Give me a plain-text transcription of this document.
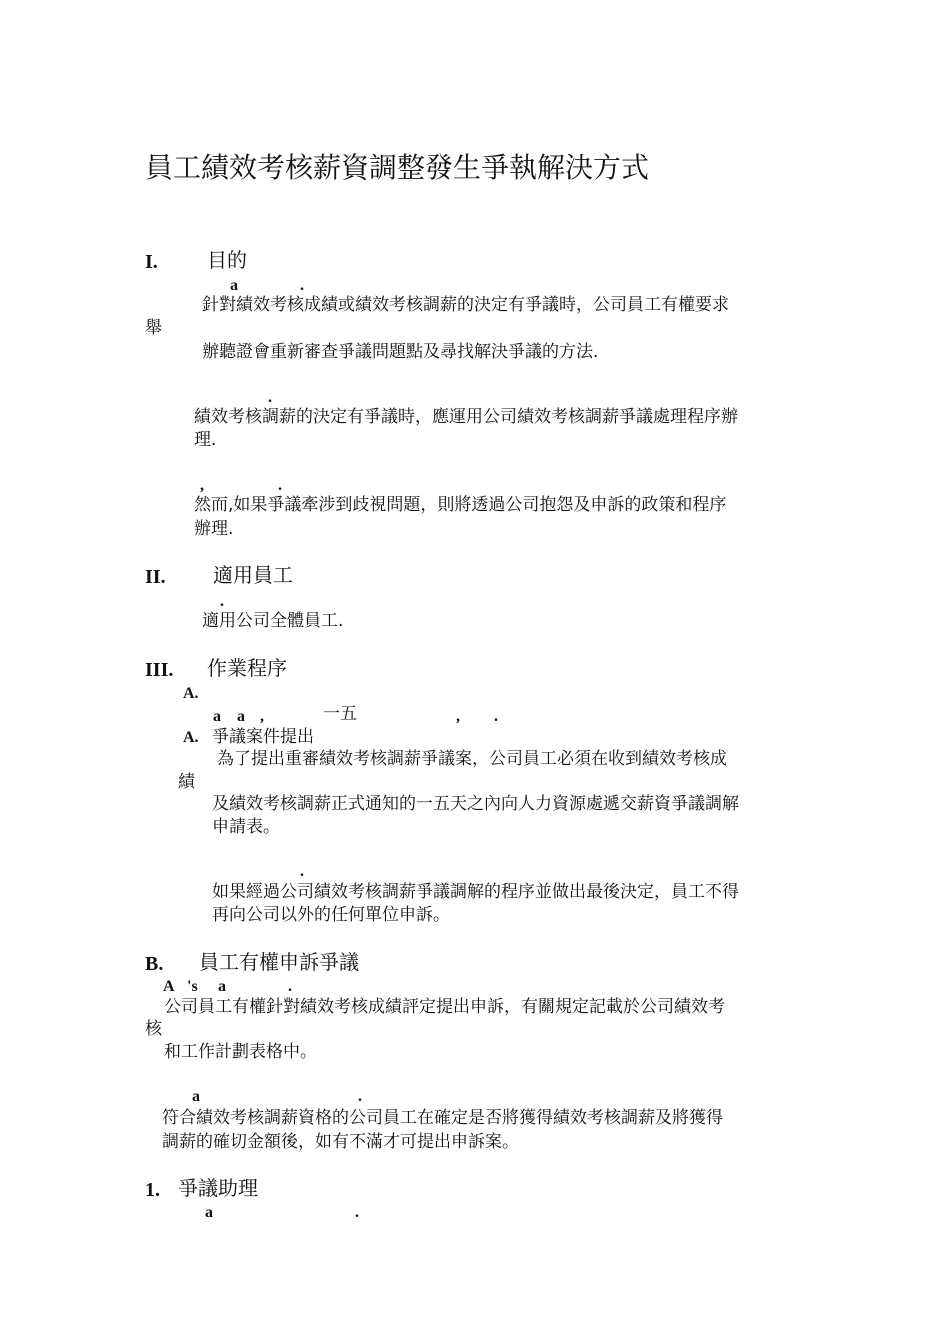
員工績效考核薪資調整發生爭執解決方式
I. 目的
a	.
針對績效考核成績或績效考核調薪的決定有爭議時，公司員工有權要求
舉
辦聽證會重新審查爭議問題點及尋找解決爭議的方法.
.
績效考核調薪的決定有爭議時，應運用公司績效考核調薪爭議處理程序辦
理.
,	.
然而,如果爭議牽涉到歧視問題，則將透過公司抱怨及申訴的政策和程序
辦理.
II. 適用員工
.
適用公司全體員工.
III. 作業程序
A.
a a ,	一五	, .
A. 爭議案件提出
為了提出重審績效考核調薪爭議案，公司員工必須在收到績效考核成
績
及績效考核調薪正式通知的一五天之內向人力資源處遞交薪資爭議調解
申請表。
.
如果經過公司績效考核調薪爭議調解的程序並做出最後決定，員工不得
再向公司以外的任何單位申訴。
B. 員工有權申訴爭議
A 's a	.
公司員工有權針對績效考核成績評定提出申訴，有關規定記載於公司績效考
核
和工作計劃表格中。
a	.
符合績效考核調薪資格的公司員工在確定是否將獲得績效考核調薪及將獲得
調薪的確切金額後，如有不滿才可提出申訴案。
1. 爭議助理
a	.
